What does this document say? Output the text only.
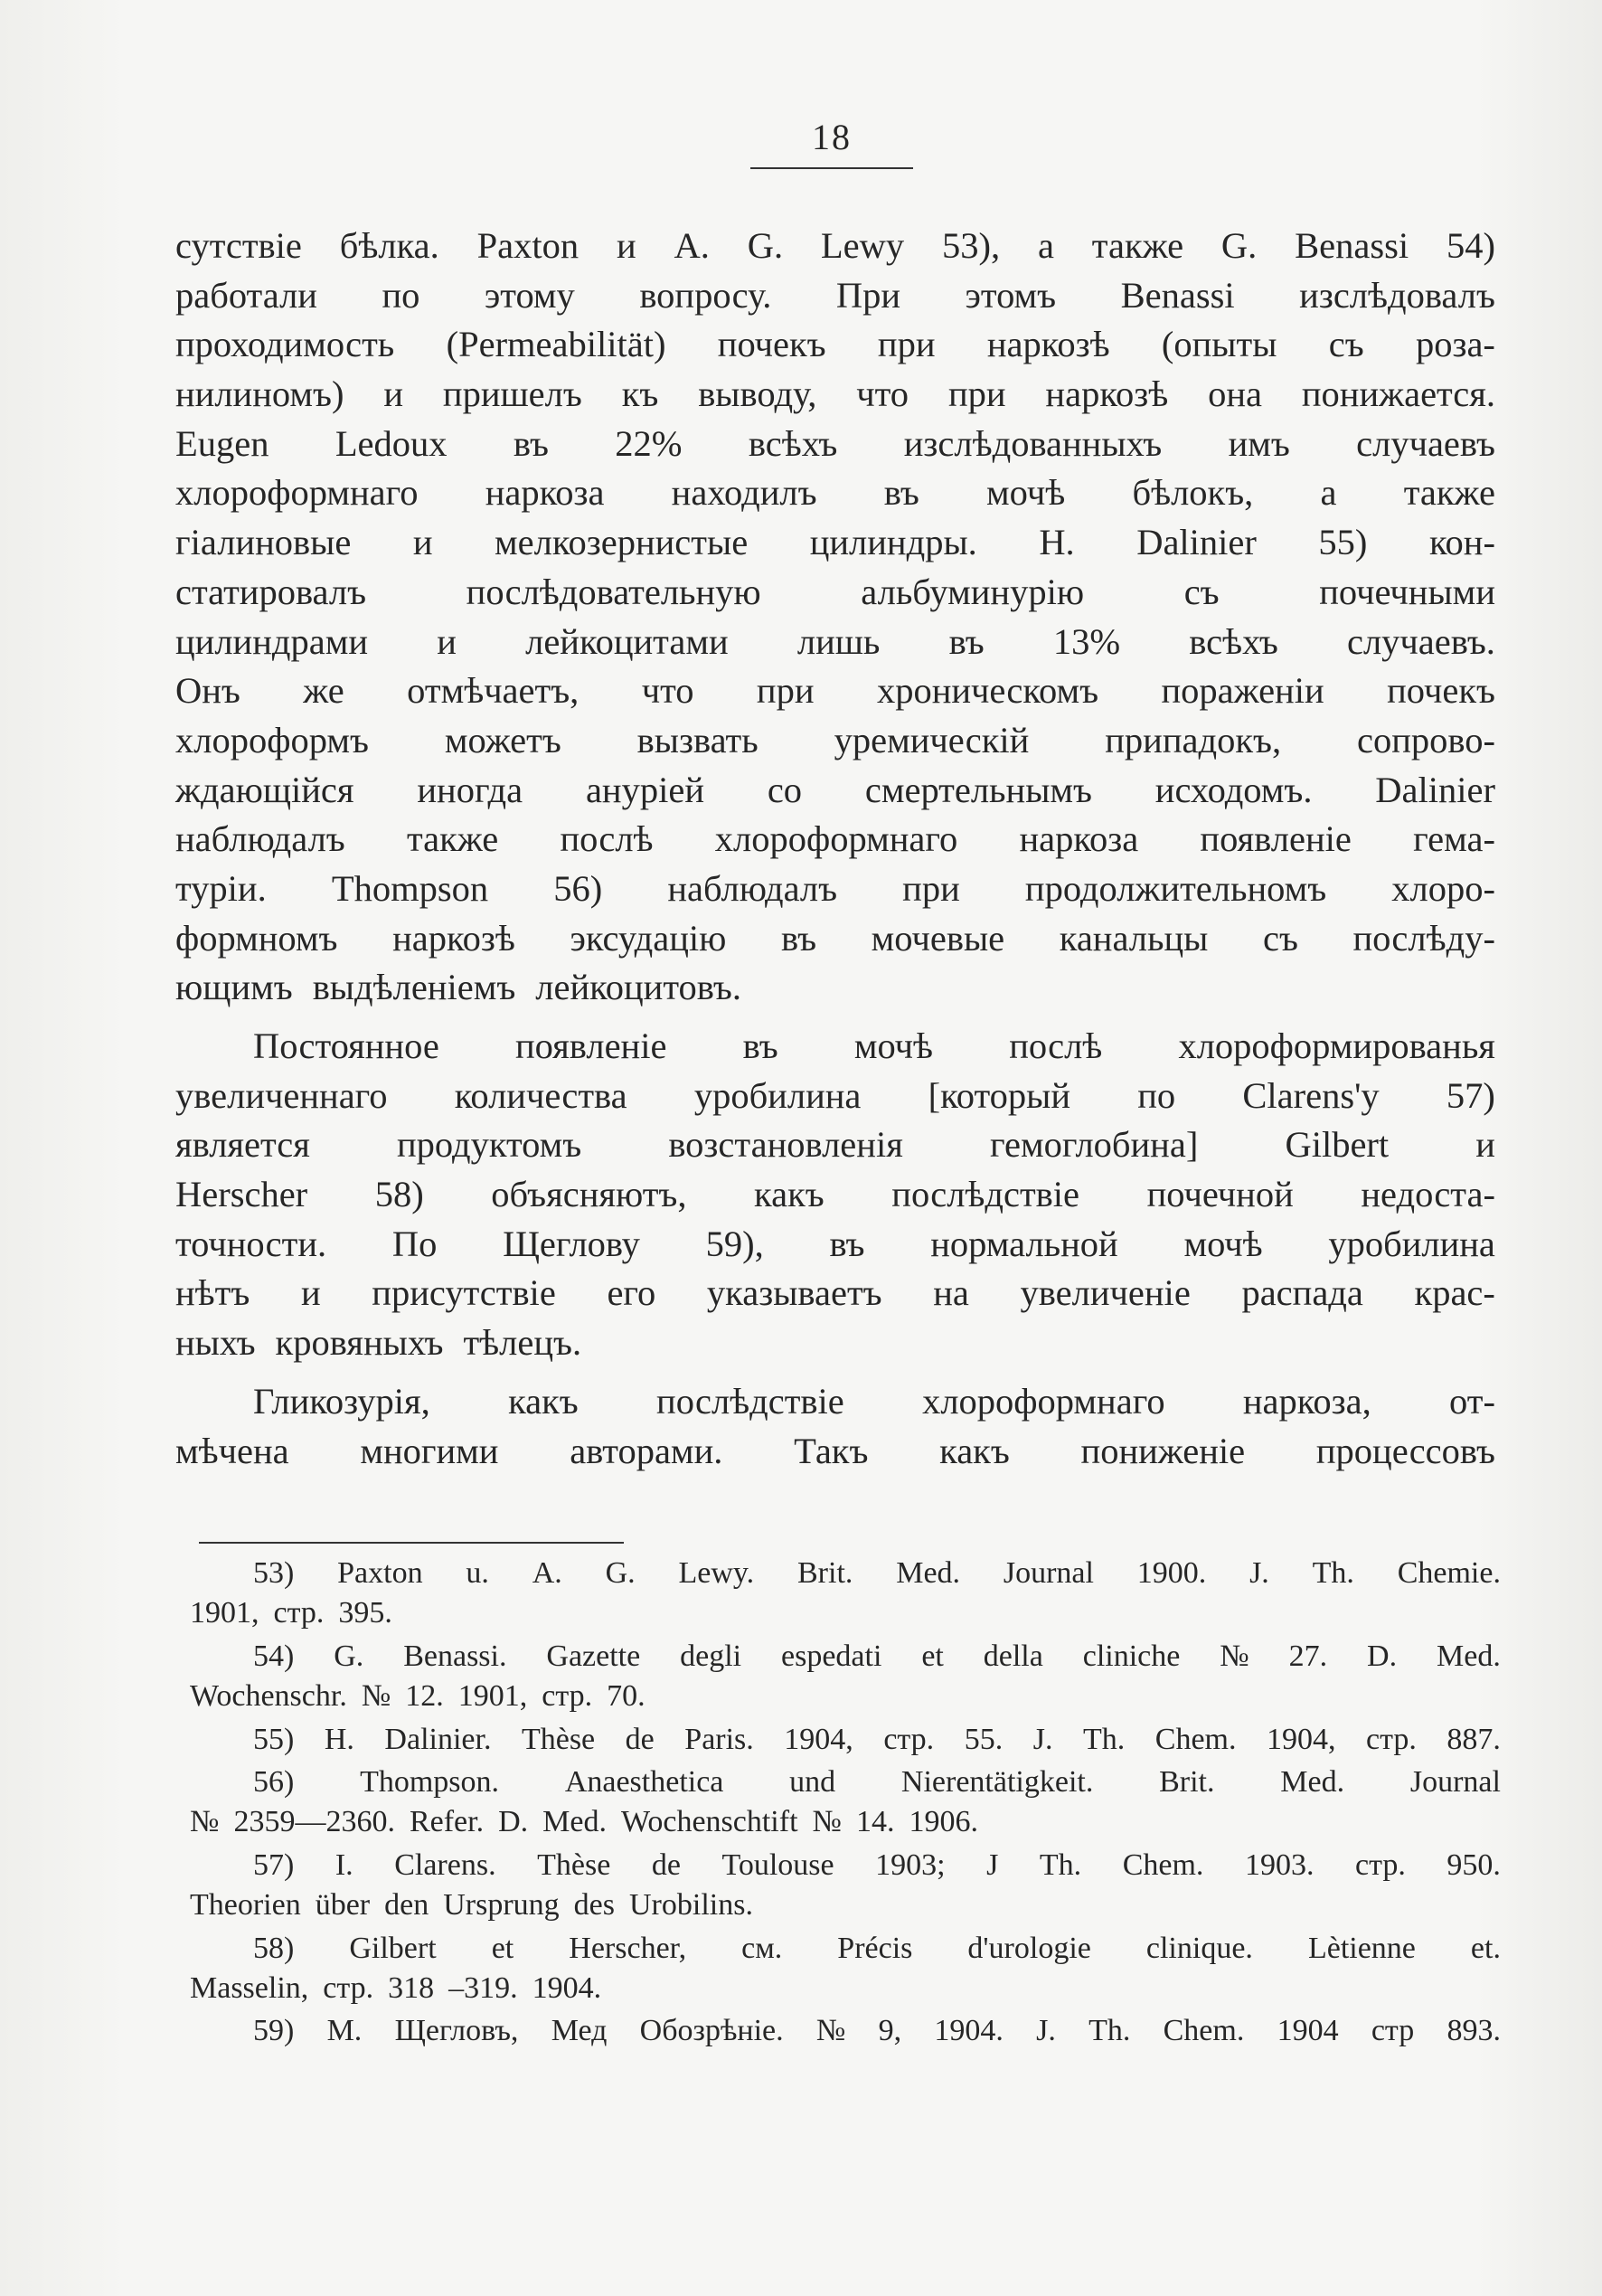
18
сутствіе бѣлка. Paxton и A. G. Lewy 53), а также G. Benassi 54)
работали по этому вопросу. При этомъ Benassi изслѣдовалъ
проходимость (Permeabilität) почекъ при наркозѣ (опыты съ роза-
нилиномъ) и пришелъ къ выводу, что при наркозѣ она понижается.
Eugen Ledoux въ 22% всѣхъ изслѣдованныхъ имъ случаевъ
хлороформнаго наркоза находилъ въ мочѣ бѣлокъ, а также
гіалиновые и мелкозернистые цилиндры. H. Dalinier 55) кон-
статировалъ	послѣдовательную	альбуминурію	съ	почечными
цилиндрами и лейкоцитами лишь въ 13% всѣхъ случаевъ.
Онъ же отмѣчаетъ, что при хроническомъ пораженіи почекъ
хлороформъ можетъ вызвать уремическій припадокъ, сопрово-
ждающійся иногда ануріей со смертельнымъ исходомъ. Dalinier
наблюдалъ также послѣ хлороформнаго наркоза появленіе гема-
туріи. Thompson 56) наблюдалъ при продолжительномъ хлоро-
формномъ наркозѣ эксудацію въ мочевые канальцы съ послѣду-
ющимъ выдѣленіемъ лейкоцитовъ.
Постоянное появленіе въ мочѣ послѣ хлороформированья
увеличеннаго количества уробилина [который по Clarens'у 57)
является продуктомъ возстановленія гемоглобина] Gilbert и
Herscher 58) объясняютъ, какъ послѣдствіе почечной недоста-
точности. По Щеглову 59), въ нормальной мочѣ уробилина
нѣтъ и присутствіе его указываетъ на увеличеніе распада крас-
ныхъ кровяныхъ тѣлецъ.
Гликозурія, какъ послѣдствіе хлороформнаго наркоза, от-
мѣчена многими авторами. Такъ какъ пониженіе процессовъ
53) Paxton u. A. G. Lewy. Brit. Med. Journal 1900. J. Th. Chemie.
1901, стр. 395.
54) G. Benassi. Gazette degli espedati et della cliniche № 27. D. Med.
Wochenschr. № 12. 1901, стр. 70.
55) H. Dalinier. Thèse de Paris. 1904, стр. 55. J. Th. Chem. 1904, стр. 887.
56) Thompson. Anaesthetica und Nierentätigkeit. Brit. Med. Journal
№ 2359—2360. Refer. D. Med. Wochenschtift № 14. 1906.
57) I. Clarens. Thèse de Toulouse 1903; J Th. Chem. 1903. стр. 950.
Theorien über den Ursprung des Urobilins.
58) Gilbert et Herscher, см. Précis d'urologie clinique. Lètienne et.
Masselin, стр. 318 –319. 1904.
59) М. Щегловъ, Мед Обозрѣніе. № 9, 1904. J. Th. Chem. 1904 стр 893.
